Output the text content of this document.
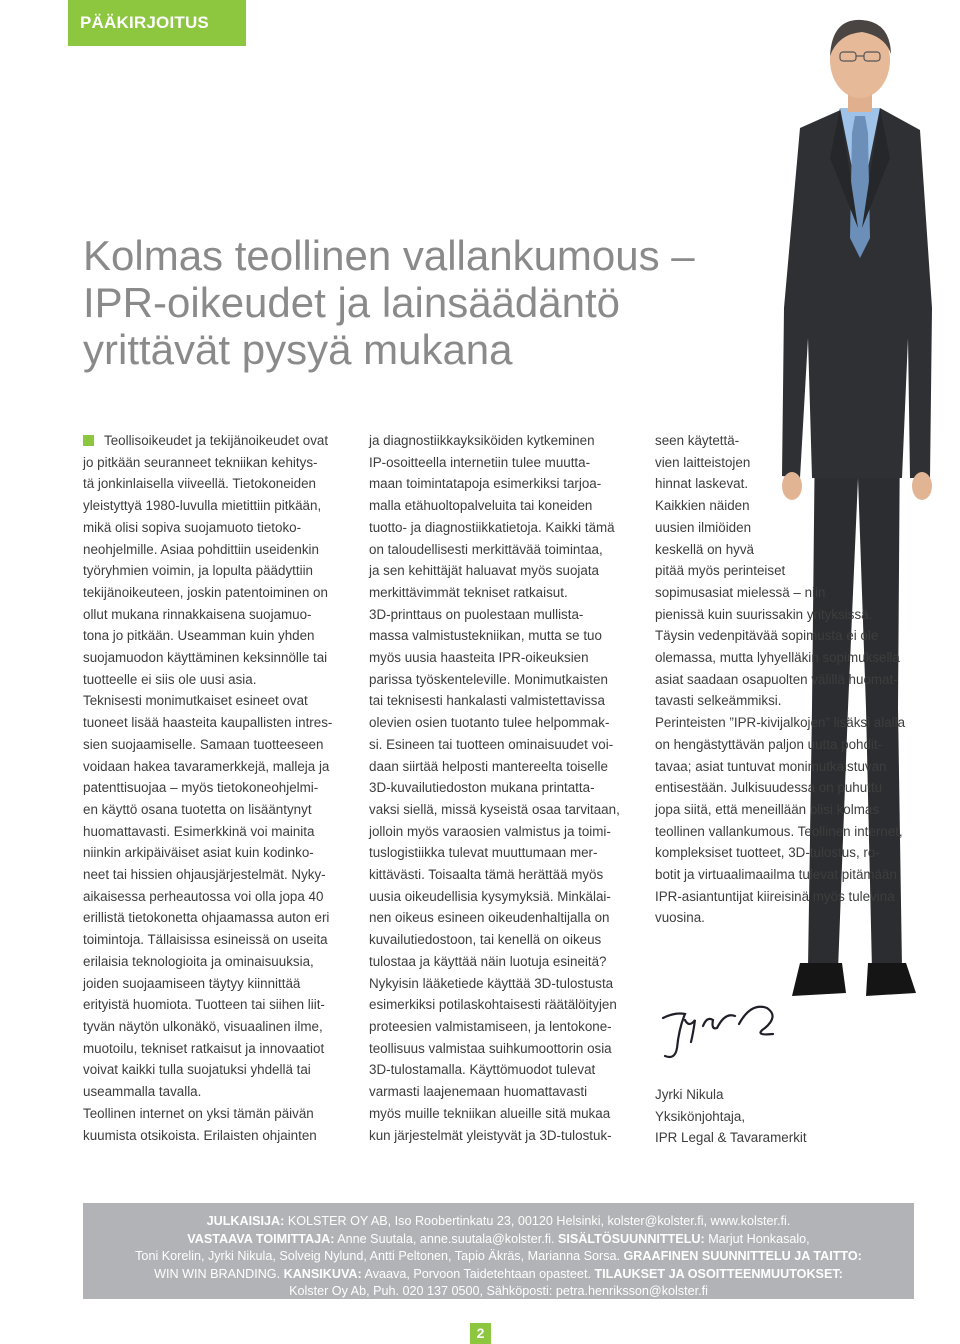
PÄÄKIRJOITUS
Kolmas teollinen vallankumous –
IPR-oikeudet ja lainsäädäntö
yrittävät pysyä mukana
Teollisoikeudet ja tekijänoikeudet ovat
jo pitkään seuranneet tekniikan kehitys-
tä jonkinlaisella viiveellä. Tietokoneiden
yleistyttyä 1980-luvulla mietittiin pitkään,
mikä olisi sopiva suojamuoto tietoko-
neohjelmille. Asiaa pohdittiin useidenkin
työryhmien voimin, ja lopulta päädyttiin
tekijänoikeuteen, joskin patentoiminen on
ollut mukana rinnakkaisena suojamuo-
tona jo pitkään. Useamman kuin yhden
suojamuodon käyttäminen keksinnölle tai
tuotteelle ei siis ole uusi asia.
Teknisesti monimutkaiset esineet ovat
tuoneet lisää haasteita kaupallisten intres-
sien suojaamiselle. Samaan tuotteeseen
voidaan hakea tavaramerkkejä, malleja ja
patenttisuojaa – myös tietokoneohjelmi-
en käyttö osana tuotetta on lisääntynyt
huomattavasti. Esimerkkinä voi mainita
niinkin arkipäiväiset asiat kuin kodinko-
neet tai hissien ohjausjärjestelmät. Nyky-
aikaisessa perheautossa voi olla jopa 40
erillistä tietokonetta ohjaamassa auton eri
toimintoja. Tällaisissa esineissä on useita
erilaisia teknologioita ja ominaisuuksia,
joiden suojaamiseen täytyy kiinnittää
erityistä huomiota. Tuotteen tai siihen liit-
tyvän näytön ulkonäkö, visuaalinen ilme,
muotoilu, tekniset ratkaisut ja innovaatiot
voivat kaikki tulla suojatuksi yhdellä tai
useammalla tavalla.
Teollinen internet on yksi tämän päivän
kuumista otsikoista. Erilaisten ohjainten
ja diagnostiikkayksiköiden kytkeminen
IP-osoitteella internetiin tulee muutta-
maan toimintatapoja esimerkiksi tarjoa-
malla etähuoltopalveluita tai koneiden
tuotto- ja diagnostiikkatietoja. Kaikki tämä
on taloudellisesti merkittävää toimintaa,
ja sen kehittäjät haluavat myös suojata
merkittävimmät tekniset ratkaisut.
3D-printtaus on puolestaan mullista-
massa valmistustekniikan, mutta se tuo
myös uusia haasteita IPR-oikeuksien
parissa työskenteleville. Monimutkaisten
tai teknisesti hankalasti valmistettavissa
olevien osien tuotanto tulee helpommak-
si. Esineen tai tuotteen ominaisuudet voi-
daan siirtää helposti mantereelta toiselle
3D-kuvailutiedoston mukana printatta-
vaksi siellä, missä kyseistä osaa tarvitaan,
jolloin myös varaosien valmistus ja toimi-
tuslogistiikka tulevat muuttumaan mer-
kittävästi. Toisaalta tämä herättää myös
uusia oikeudellisia kysymyksiä. Minkälai-
nen oikeus esineen oikeudenhaltijalla on
kuvailutiedostoon, tai kenellä on oikeus
tulostaa ja käyttää näin luotuja esineitä?
Nykyisin lääketiede käyttää 3D-tulostusta
esimerkiksi potilaskohtaisesti räätälöityjen
proteesien valmistamiseen, ja lentokone-
teollisuus valmistaa suihkumoottorin osia
3D-tulostamalla. Käyttömuodot tulevat
varmasti laajenemaan huomattavasti
myös muille tekniikan alueille sitä mukaa
kun järjestelmät yleistyvät ja 3D-tulostuk-
seen käytettä-
vien laitteistojen
hinnat laskevat.
Kaikkien näiden
uusien ilmiöiden
keskellä on hyvä
pitää myös perinteiset
sopimusasiat mielessä – niin
pienissä kuin suurissakin yrityksissä.
Täysin vedenpitävää sopimusta ei ole
olemassa, mutta lyhyelläkin sopimuksella
asiat saadaan osapuolten välillä huomat-
tavasti selkeämmiksi.
Perinteisten ”IPR-kivijalkojen” lisäksi alalla
on hengästyttävän paljon uutta pohdit-
tavaa; asiat tuntuvat monimutkaistuvan
entisestään. Julkisuudessa on puhuttu
jopa siitä, että meneillään olisi kolmas
teollinen vallankumous. Teollinen internet,
kompleksiset tuotteet, 3D-tulostus, ro-
botit ja virtuaalimaailma tulevat pitämään
IPR-asiantuntijat kiireisinä myös tulevina
vuosina.
Jyrki Nikula
Yksikönjohtaja,
IPR Legal & Tavaramerkit
JULKAISIJA: KOLSTER OY AB, Iso Roobertinkatu 23, 00120 Helsinki, kolster@kolster.fi, www.kolster.fi.
VASTAAVA TOIMITTAJA: Anne Suutala, anne.suutala@kolster.fi. SISÄLTÖSUUNNITTELU: Marjut Honkasalo,
Toni Korelin, Jyrki Nikula, Solveig Nylund, Antti Peltonen, Tapio Äkräs, Marianna Sorsa. GRAAFINEN SUUNNITTELU JA TAITTO:
WIN WIN BRANDING. KANSIKUVA: Avaava, Porvoon Taidetehtaan opasteet. TILAUKSET JA OSOITTEENMUUTOKSET:
Kolster Oy Ab, Puh. 020 137 0500, Sähköposti: petra.henriksson@kolster.fi
2
